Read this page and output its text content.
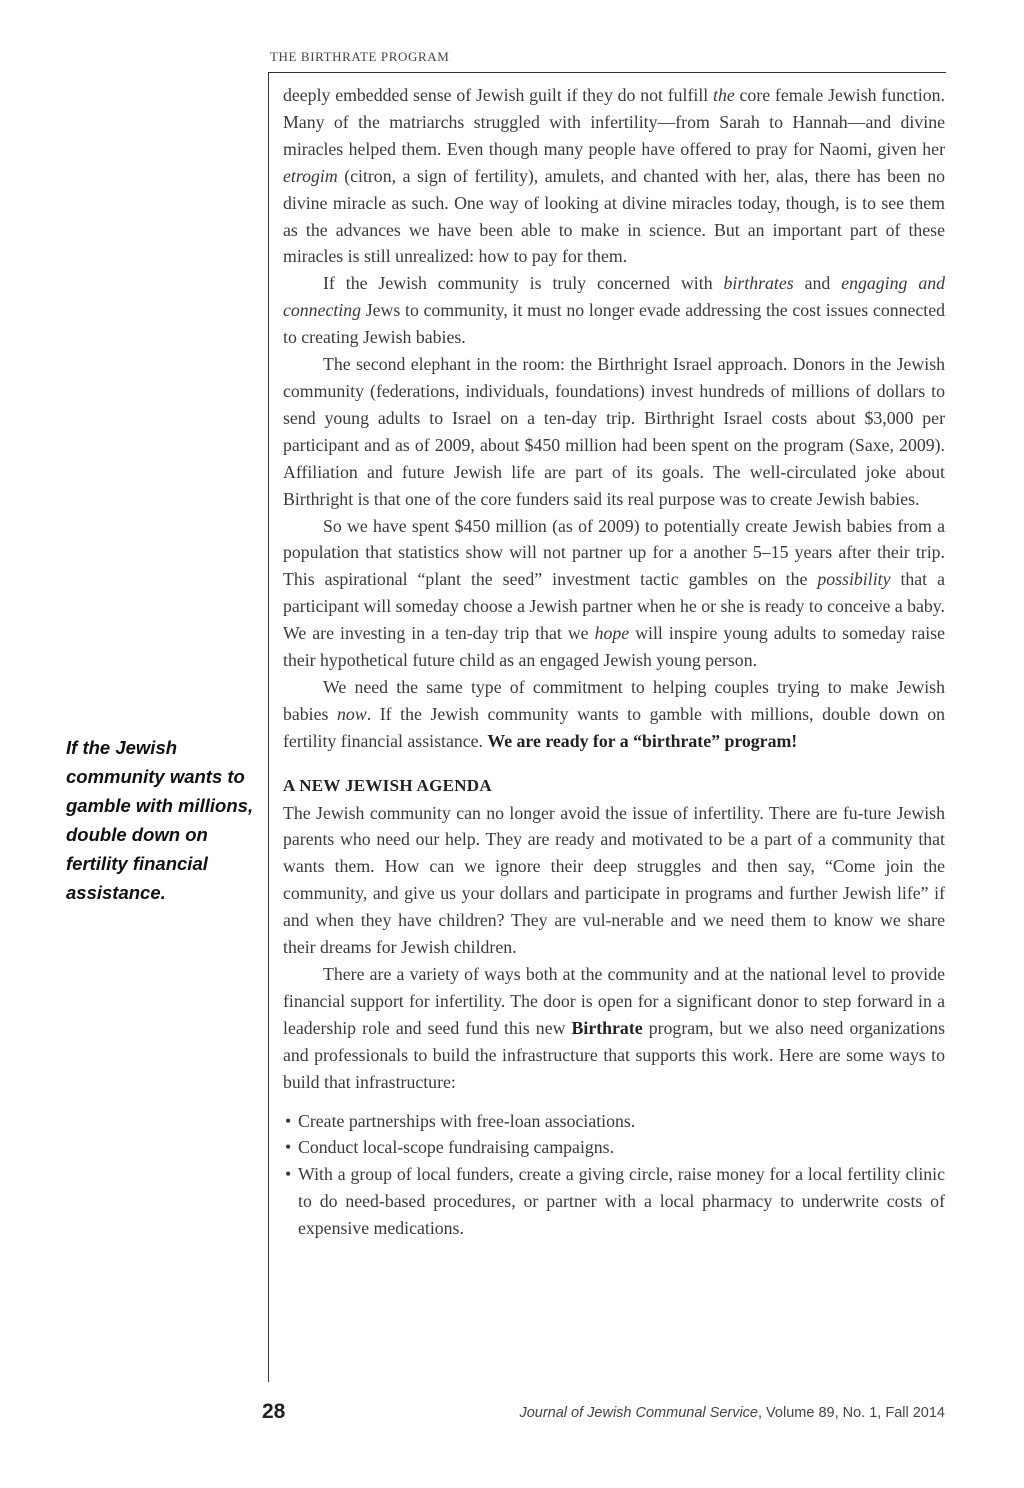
THE BIRTHRATE PROGRAM

deeply embedded sense of Jewish guilt if they do not fulfill the core female Jewish function. Many of the matriarchs struggled with infertility—from Sarah to Hannah—and divine miracles helped them. Even though many people have offered to pray for Naomi, given her etrogim (citron, a sign of fertility), amulets, and chanted with her, alas, there has been no divine miracle as such. One way of looking at divine miracles today, though, is to see them as the advances we have been able to make in science. But an important part of these miracles is still unrealized: how to pay for them.

If the Jewish community is truly concerned with birthrates and engaging and connecting Jews to community, it must no longer evade addressing the cost issues connected to creating Jewish babies.

The second elephant in the room: the Birthright Israel approach. Donors in the Jewish community (federations, individuals, foundations) invest hundreds of millions of dollars to send young adults to Israel on a ten-day trip. Birthright Israel costs about $3,000 per participant and as of 2009, about $450 million had been spent on the program (Saxe, 2009). Affiliation and future Jewish life are part of its goals. The well-circulated joke about Birthright is that one of the core funders said its real purpose was to create Jewish babies.

So we have spent $450 million (as of 2009) to potentially create Jewish babies from a population that statistics show will not partner up for a another 5–15 years after their trip. This aspirational “plant the seed” investment tactic gambles on the possibility that a participant will someday choose a Jewish partner when he or she is ready to conceive a baby. We are investing in a ten-day trip that we hope will inspire young adults to someday raise their hypothetical future child as an engaged Jewish young person.

We need the same type of commitment to helping couples trying to make Jewish babies now. If the Jewish community wants to gamble with millions, double down on fertility financial assistance. We are ready for a “birthrate” program!

A NEW JEWISH AGENDA

The Jewish community can no longer avoid the issue of infertility. There are fu-ture Jewish parents who need our help. They are ready and motivated to be a part of a community that wants them. How can we ignore their deep struggles and then say, “Come join the community, and give us your dollars and participate in programs and further Jewish life” if and when they have children? They are vul-nerable and we need them to know we share their dreams for Jewish children.

There are a variety of ways both at the community and at the national level to provide financial support for infertility. The door is open for a significant donor to step forward in a leadership role and seed fund this new Birthrate program, but we also need organizations and professionals to build the infrastructure that supports this work. Here are some ways to build that infrastructure:

• Create partnerships with free-loan associations.
• Conduct local-scope fundraising campaigns.
• With a group of local funders, create a giving circle, raise money for a local fertility clinic to do need-based procedures, or partner with a local pharmacy to underwrite costs of expensive medications.
If the Jewish community wants to gamble with millions, double down on fertility financial assistance.
28	Journal of Jewish Communal Service, Volume 89, No. 1, Fall 2014
